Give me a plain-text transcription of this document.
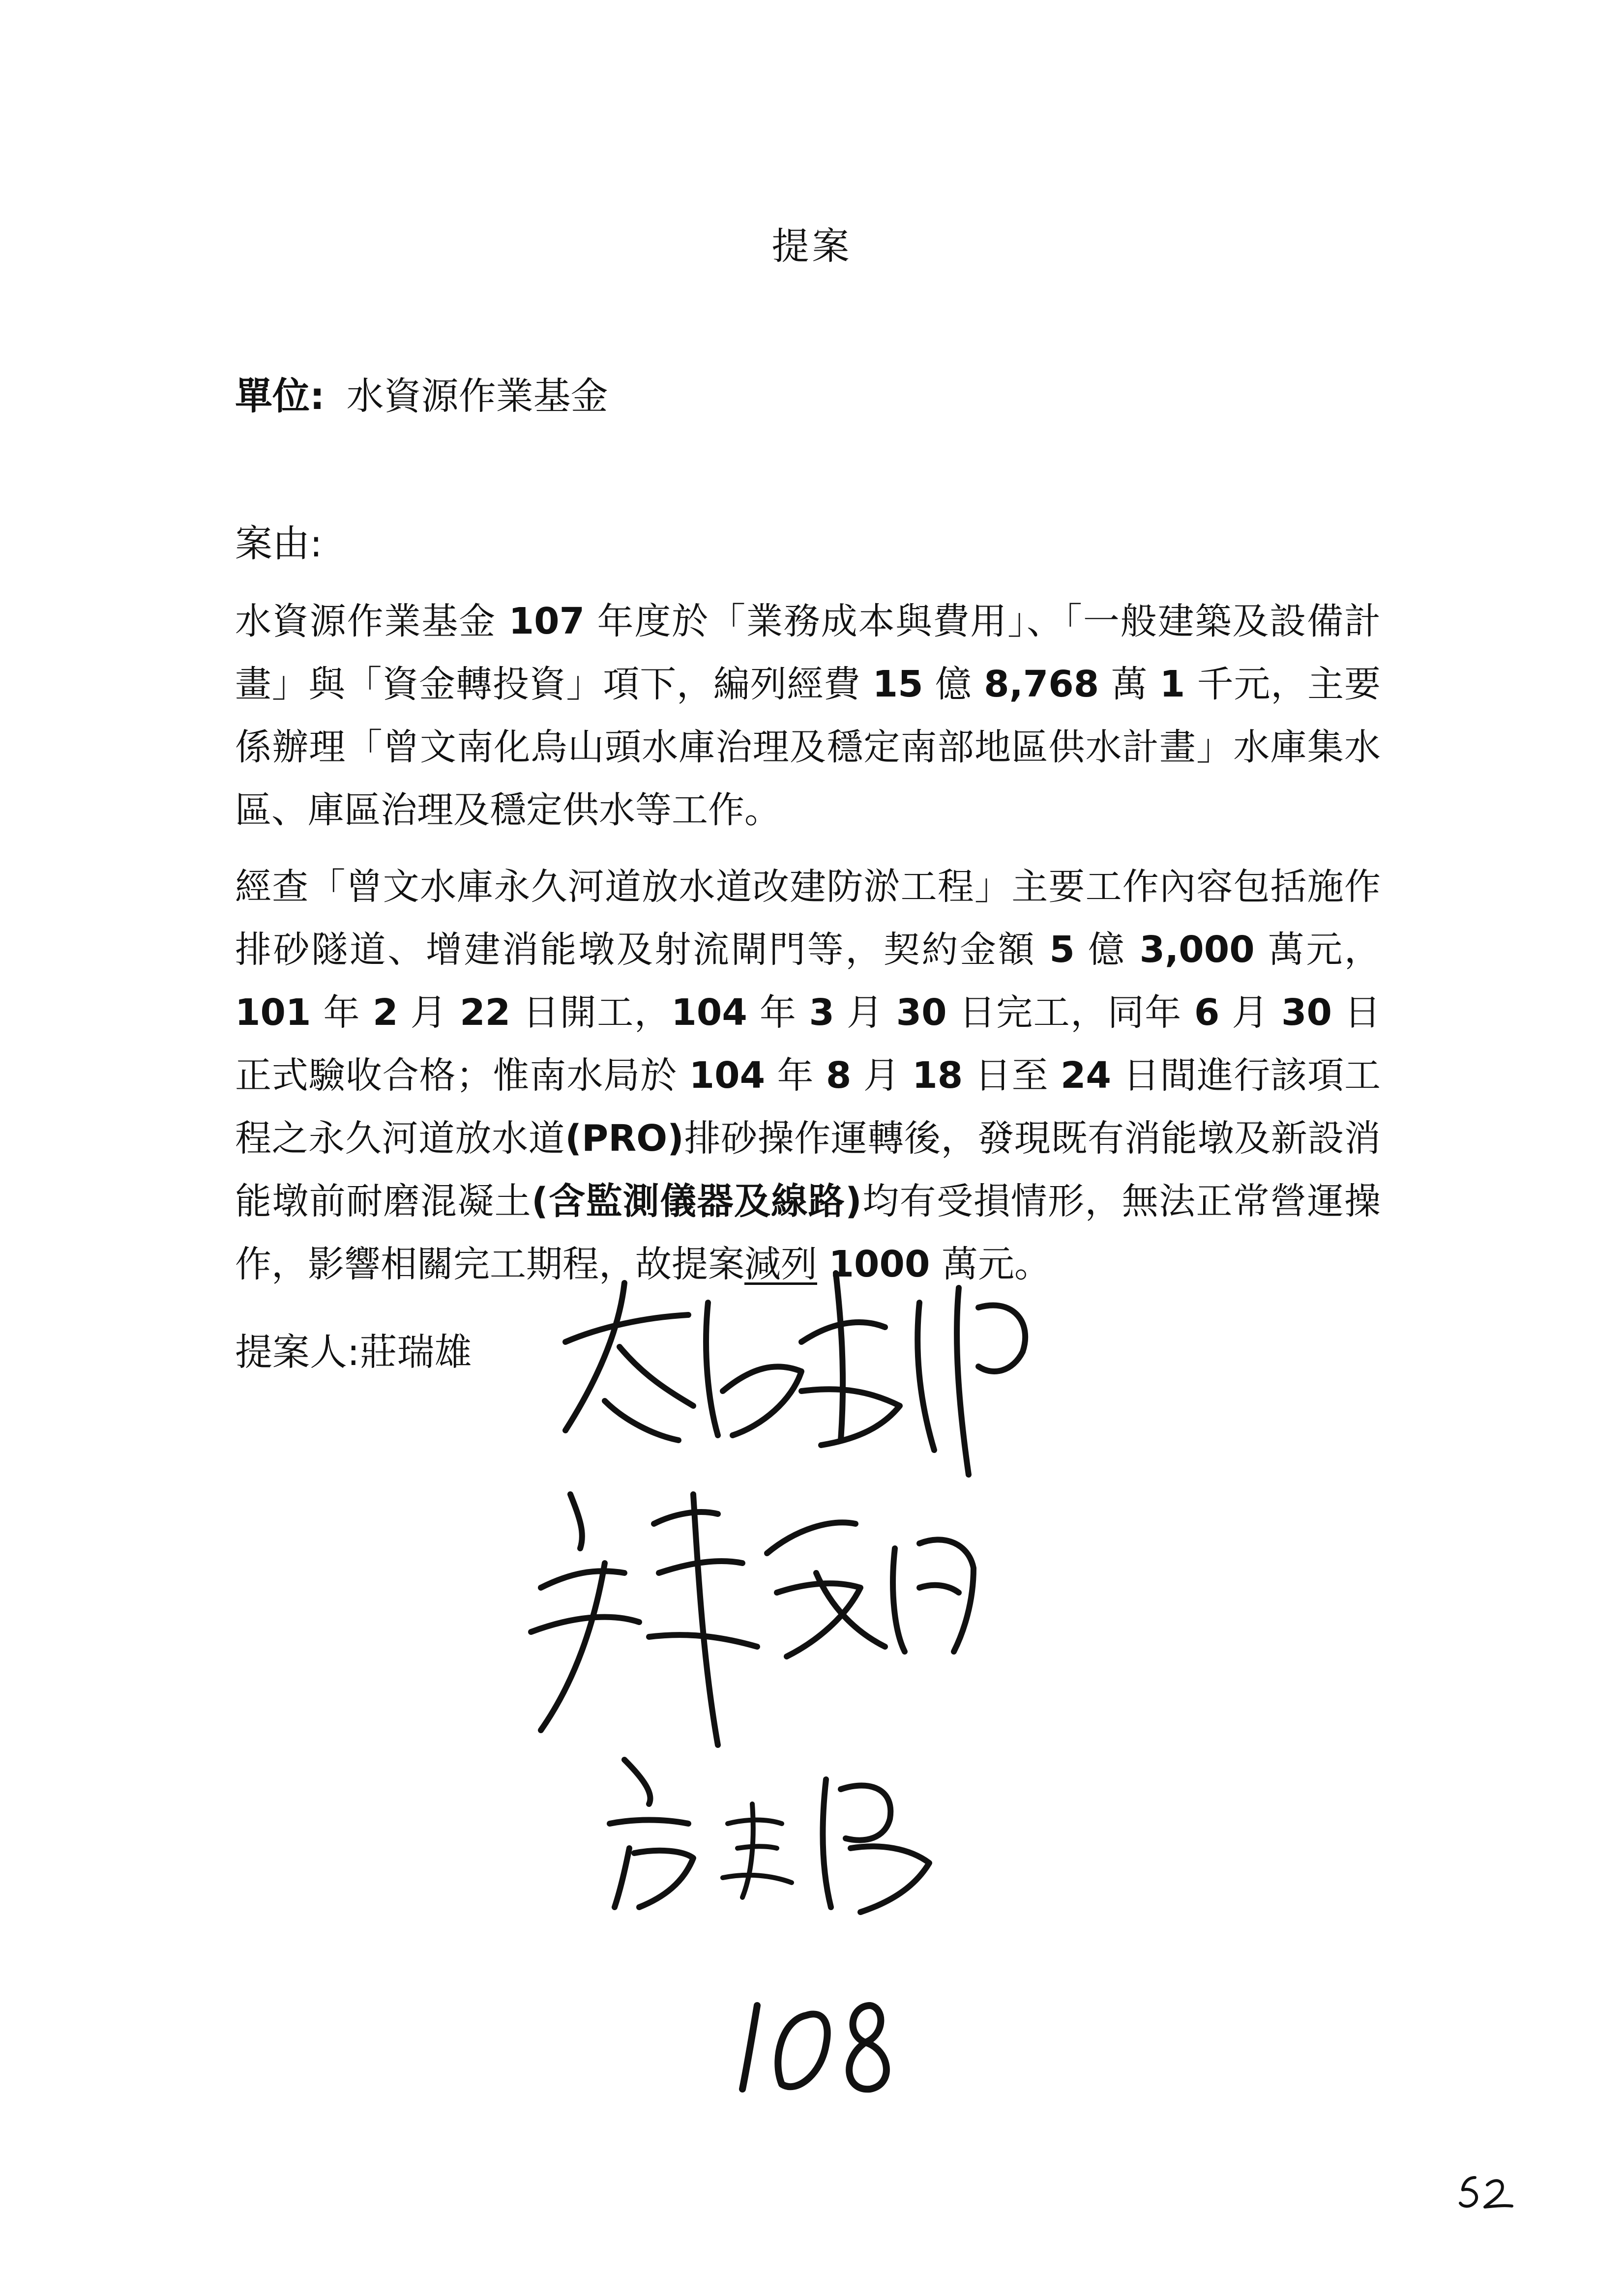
提案
單位: 水資源作業基金
案由:

水資源作業基金 107 年度於「業務成本與費用」、「一般建築及設備計畫」與「資金轉投資」項下，編列經費 15 億 8,768 萬 1 千元，主要係辦理「曾文南化烏山頭水庫治理及穩定南部地區供水計畫」水庫集水區、庫區治理及穩定供水等工作。

經查「曾文水庫永久河道放水道改建防淤工程」主要工作內容包括施作排砂隧道、增建消能墩及射流閘門等，契約金額 5 億 3,000 萬元，101 年 2 月 22 日開工，104 年 3 月 30 日完工，同年 6 月 30 日正式驗收合格；惟南水局於 104 年 8 月 18 日至 24 日間進行該項工程之永久河道放水道(PRO)排砂操作運轉後，發現既有消能墩及新設消能墩前耐磨混凝土(含監測儀器及線路)均有受損情形，無法正常營運操作，影響相關完工期程，故提案減列 1000 萬元。

提案人:莊瑞雄
